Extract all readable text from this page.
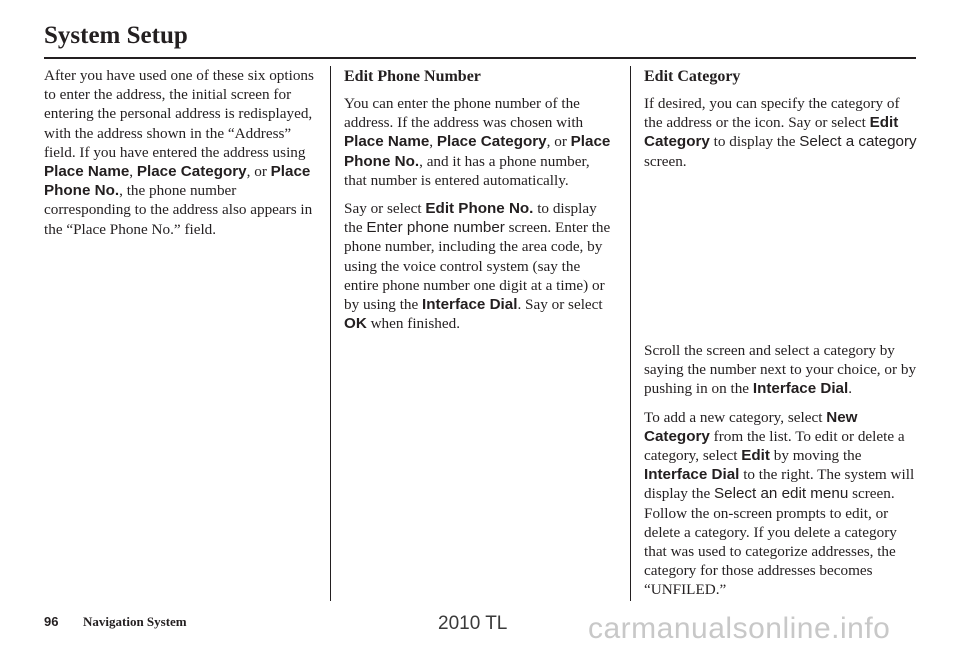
System Setup

After you have used one of these six options to enter the address, the initial screen for entering the personal address is redisplayed, with the address shown in the “Address” field. If you have entered the address using Place Name, Place Category, or Place Phone No., the phone number corresponding to the address also appears in the “Place Phone No.” field.

Edit Phone Number

You can enter the phone number of the address. If the address was chosen with Place Name, Place Category, or Place Phone No., and it has a phone number, that number is entered automatically.

Say or select Edit Phone No. to display the Enter phone number screen. Enter the phone number, including the area code, by using the voice control system (say the entire phone number one digit at a time) or by using the Interface Dial. Say or select OK when finished.

Edit Category

If desired, you can specify the category of the address or the icon. Say or select Edit Category to display the Select a category screen.

Scroll the screen and select a category by saying the number next to your choice, or by pushing in on the Interface Dial.

To add a new category, select New Category from the list. To edit or delete a category, select Edit by moving the Interface Dial to the right. The system will display the Select an edit menu screen. Follow the on-screen prompts to edit, or delete a category. If you delete a category that was used to categorize addresses, the category for those addresses becomes “UNFILED.”

96 Navigation System	2010 TL	carmanualsonline.info
